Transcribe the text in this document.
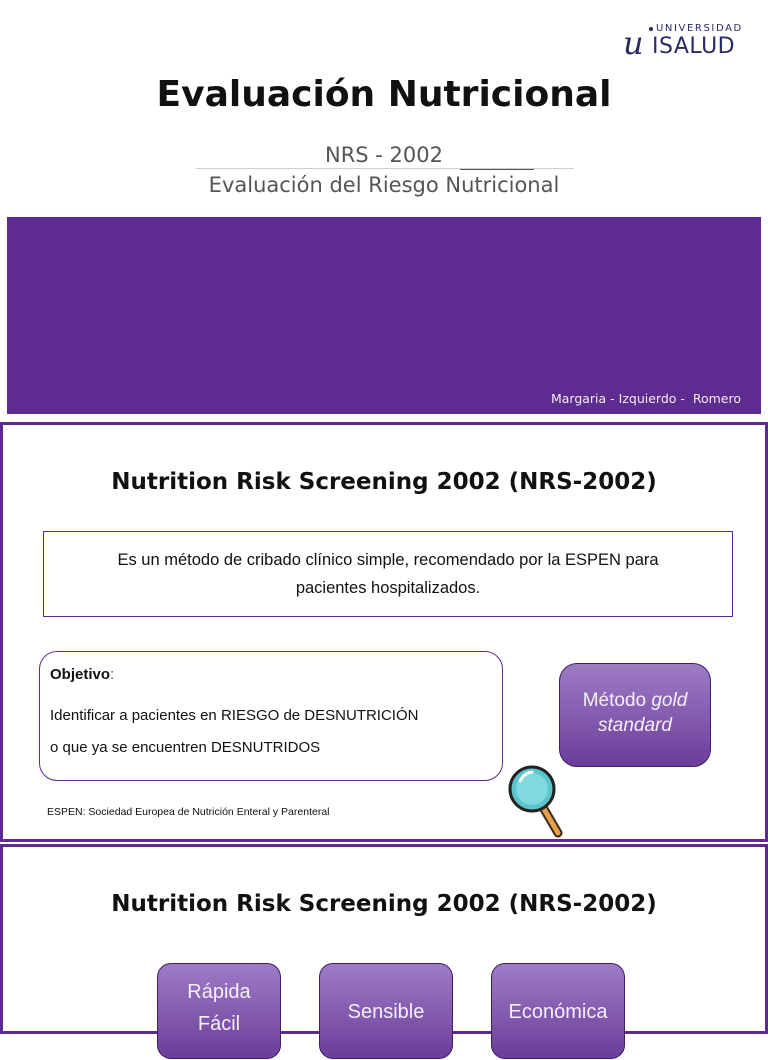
u UNIVERSIDAD
ISALUD
Evaluación Nutricional
NRS - 2002
Evaluación del Riesgo Nutricional
Margaria - Izquierdo -  Romero
Nutrition Risk Screening 2002 (NRS-2002)
Es un método de cribado clínico simple, recomendado por la ESPEN para
pacientes hospitalizados.
Objetivo:
Identificar a pacientes en RIESGO de DESNUTRICIÓN
o que ya se encuentren DESNUTRIDOS
Método gold
standard
ESPEN: Sociedad Europea de Nutrición Enteral y Parenteral
Nutrition Risk Screening 2002 (NRS-2002)
Rápida
Fácil
Sensible	Económica
